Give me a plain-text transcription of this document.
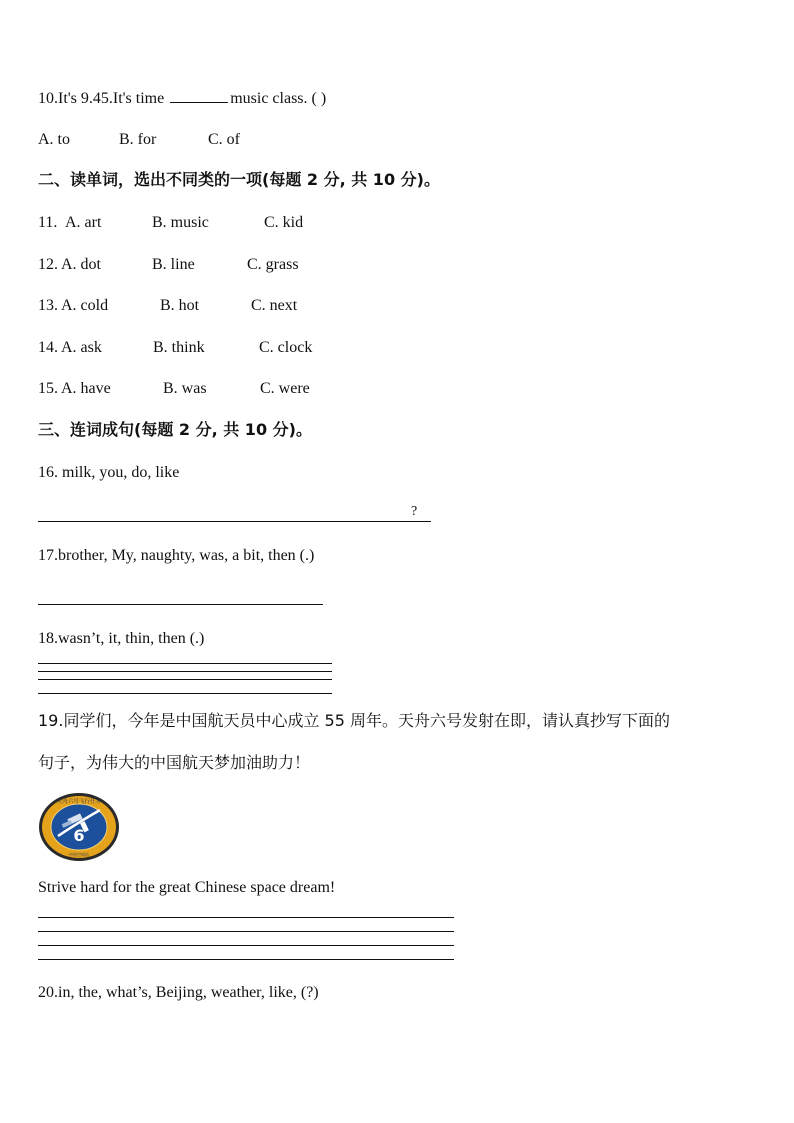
10.It's 9.45.It's time	music class. ( )
A. to	B. for	C. of
二、读单词，选出不同类的一项(每题 2 分, 共 10 分)。
11. A. art	B. music	C. kid
12. A. dot	B. line	C. grass
13. A. cold	B. hot	C. next
14. A. ask	B. think	C. clock
15. A. have	B. was	C. were
三、连词成句(每题 2 分, 共 10 分)。
16. milk, you, do, like
?
17.brother, My, naughty, was, a bit, then (.)
18.wasn’t, it, thin, then (.)
19.同学们，今年是中国航天员中心成立 55 周年。天舟六号发射在即，请认真抄写下面的
句子，为伟大的中国航天梦加油助力！
6
天舟六号飞行任务
中国空间站
Strive hard for the great Chinese space dream!
20.in, the, what’s, Beijing, weather, like, (?)
